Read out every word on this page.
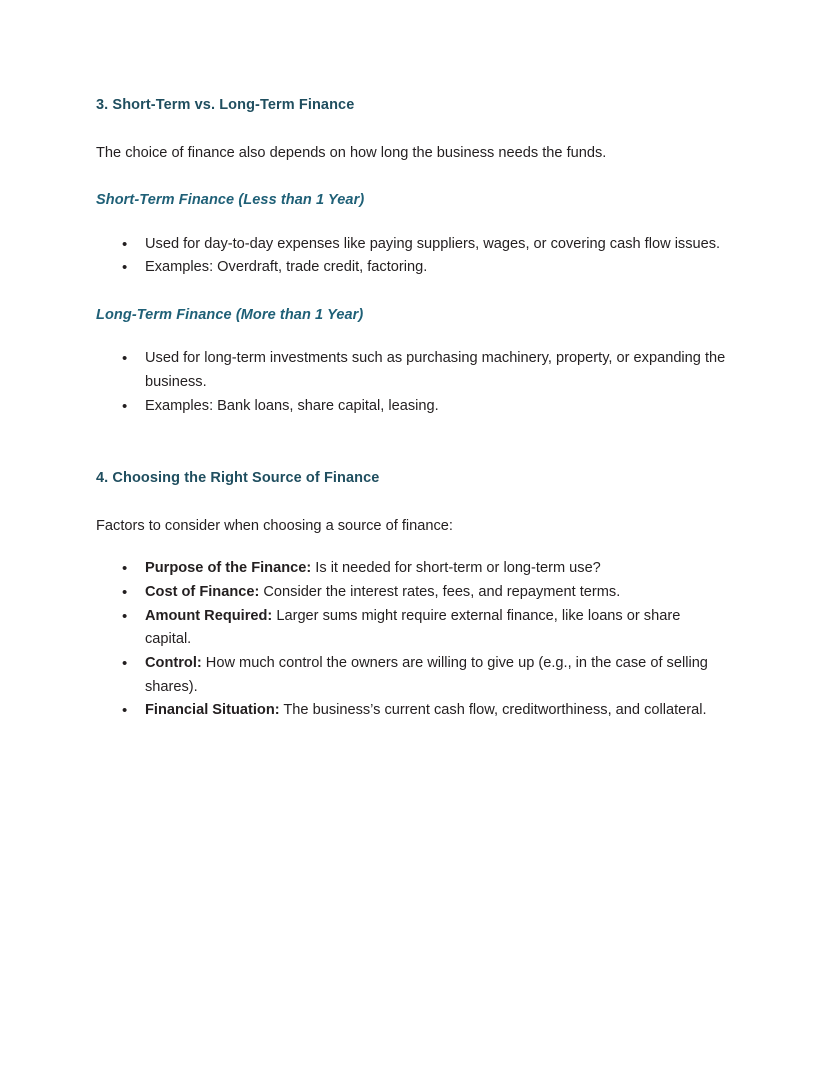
3. Short-Term vs. Long-Term Finance

The choice of finance also depends on how long the business needs the funds.

Short-Term Finance (Less than 1 Year)
• Used for day-to-day expenses like paying suppliers, wages, or covering cash flow issues.
• Examples: Overdraft, trade credit, factoring.
Long-Term Finance (More than 1 Year)
• Used for long-term investments such as purchasing machinery, property, or expanding the business.
• Examples: Bank loans, share capital, leasing.
4. Choosing the Right Source of Finance

Factors to consider when choosing a source of finance:

• Purpose of the Finance: Is it needed for short-term or long-term use?
• Cost of Finance: Consider the interest rates, fees, and repayment terms.
• Amount Required: Larger sums might require external finance, like loans or share capital.
• Control: How much control the owners are willing to give up (e.g., in the case of selling shares).
• Financial Situation: The business’s current cash flow, creditworthiness, and collateral.
